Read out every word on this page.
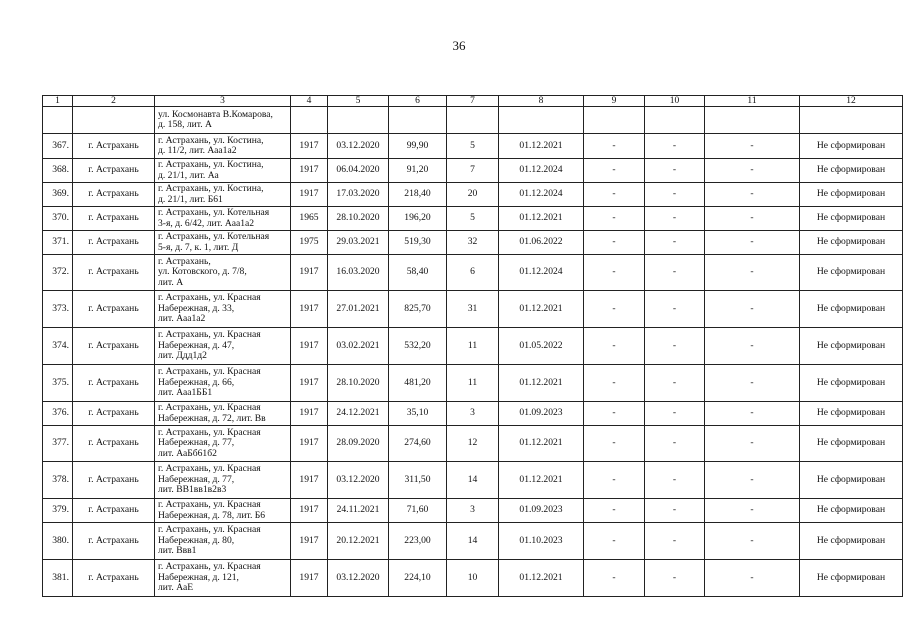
36
1	2	3	4	5	6	7	8	9	10	11	12

		ул. Космонавта В.Комарова,
д. 158, лит. А									

367.	г. Астрахань	г. Астрахань, ул. Костина,
д. 11/2, лит. Ааа1а2	1917	03.12.2020	99,90	5	01.12.2021	-	-	-	Не сформирован
368.	г. Астрахань	г. Астрахань, ул. Костина,
д. 21/1, лит. Аа	1917	06.04.2020	91,20	7	01.12.2024	-	-	-	Не сформирован
369.	г. Астрахань	г. Астрахань, ул. Костина,
д. 21/1, лит. Б61	1917	17.03.2020	218,40	20	01.12.2024	-	-	-	Не сформирован
370.	г. Астрахань	г. Астрахань, ул. Котельная
3-я, д. 6/42, лит. Ааа1а2	1965	28.10.2020	196,20	5	01.12.2021	-	-	-	Не сформирован
371.	г. Астрахань	г. Астрахань, ул. Котельная
5-я, д. 7, к. 1, лит. Д	1975	29.03.2021	519,30	32	01.06.2022	-	-	-	Не сформирован
372.	г. Астрахань	г. Астрахань,
ул. Котовского, д. 7/8,
лит. А	1917	16.03.2020	58,40	6	01.12.2024	-	-	-	Не сформирован
373.	г. Астрахань	г. Астрахань, ул. Красная
Набережная, д. 33,
лит. Ааа1а2	1917	27.01.2021	825,70	31	01.12.2021	-	-	-	Не сформирован
374.	г. Астрахань	г. Астрахань, ул. Красная
Набережная, д. 47,
лит. Ддд1д2	1917	03.02.2021	532,20	11	01.05.2022	-	-	-	Не сформирован
375.	г. Астрахань	г. Астрахань, ул. Красная
Набережная, д. 66,
лит. Ааа1ББ1	1917	28.10.2020	481,20	11	01.12.2021	-	-	-	Не сформирован
376.	г. Астрахань	г. Астрахань, ул. Красная
Набережная, д. 72, лит. Вв	1917	24.12.2021	35,10	3	01.09.2023	-	-	-	Не сформирован
377.	г. Астрахань	г. Астрахань, ул. Красная
Набережная, д. 77,
лит. АаБб61б2	1917	28.09.2020	274,60	12	01.12.2021	-	-	-	Не сформирован
378.	г. Астрахань	г. Астрахань, ул. Красная
Набережная, д. 77,
лит. ВВ1вв1в2в3	1917	03.12.2020	311,50	14	01.12.2021	-	-	-	Не сформирован
379.	г. Астрахань	г. Астрахань, ул. Красная
Набережная, д. 78, лит. Б6	1917	24.11.2021	71,60	3	01.09.2023	-	-	-	Не сформирован
380.	г. Астрахань	г. Астрахань, ул. Красная
Набережная, д. 80,
лит. Ввв1	1917	20.12.2021	223,00	14	01.10.2023	-	-	-	Не сформирован
381.	г. Астрахань	г. Астрахань, ул. Красная
Набережная, д. 121,
лит. АаЕ	1917	03.12.2020	224,10	10	01.12.2021	-	-	-	Не сформирован
